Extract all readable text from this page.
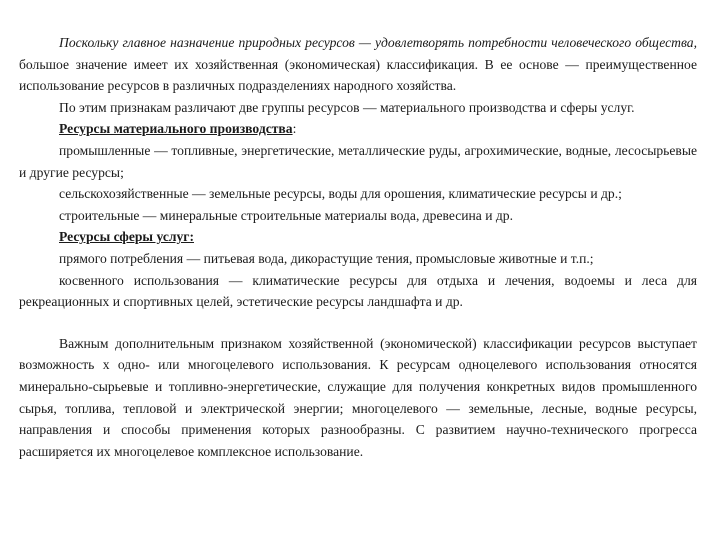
Поскольку главное назначение природных ресурсов — удовлетворять потребности человеческого общества, большое значение имеет их хозяйственная (экономическая) классификация. В ее основе — преимущественное использование ресурсов в различных подразделениях народного хозяйства.

По этим признакам различают две группы ресурсов — материального производства и сферы услуг.

Ресурсы материального производства:

промышленные — топливные, энергетические, металлические руды, агрохимические, водные, лесосырьевые и другие ресурсы;

сельскохозяйственные — земельные ресурсы, воды для орошения, климатические ресурсы и др.;

строительные — минеральные строительные материалы вода, древесина и др.

Ресурсы сферы услуг:

прямого потребления — питьевая вода, дикорастущие тения, промысловые животные и т.п.;

косвенного использования — климатические ресурсы для отдыха и лечения, водоемы и леса для рекреационных и спортивных целей, эстетические ресурсы ландшафта и др.

Важным дополнительным признаком хозяйственной (экономической) классификации ресурсов выступает возможность х одно- или многоцелевого использования. К ресурсам одноцелевого использования относятся минерально-сырьевые и топливно-энергетические, служащие для получения конкретных видов промышленного сырья, топлива, тепловой и электрической энергии; многоцелевого — земельные, лесные, водные ресурсы, направления и способы применения которых разнообразны. С развитием научно-технического прогресса расширяется их многоцелевое комплексное использование.
